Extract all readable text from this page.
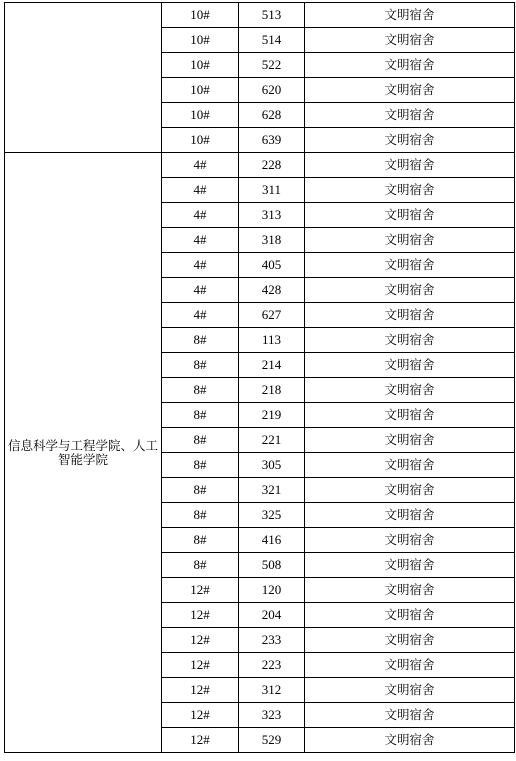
	10#	513	文明宿舍
	10#	514	文明宿舍
	10#	522	文明宿舍
	10#	620	文明宿舍
	10#	628	文明宿舍
	10#	639	文明宿舍
信息科学与工程学院、人工智能学院	4#	228	文明宿舍
	4#	311	文明宿舍
	4#	313	文明宿舍
	4#	318	文明宿舍
	4#	405	文明宿舍
	4#	428	文明宿舍
	4#	627	文明宿舍
	8#	113	文明宿舍
	8#	214	文明宿舍
	8#	218	文明宿舍
	8#	219	文明宿舍
	8#	221	文明宿舍
	8#	305	文明宿舍
	8#	321	文明宿舍
	8#	325	文明宿舍
	8#	416	文明宿舍
	8#	508	文明宿舍
	12#	120	文明宿舍
	12#	204	文明宿舍
	12#	233	文明宿舍
	12#	223	文明宿舍
	12#	312	文明宿舍
	12#	323	文明宿舍
	12#	529	文明宿舍
